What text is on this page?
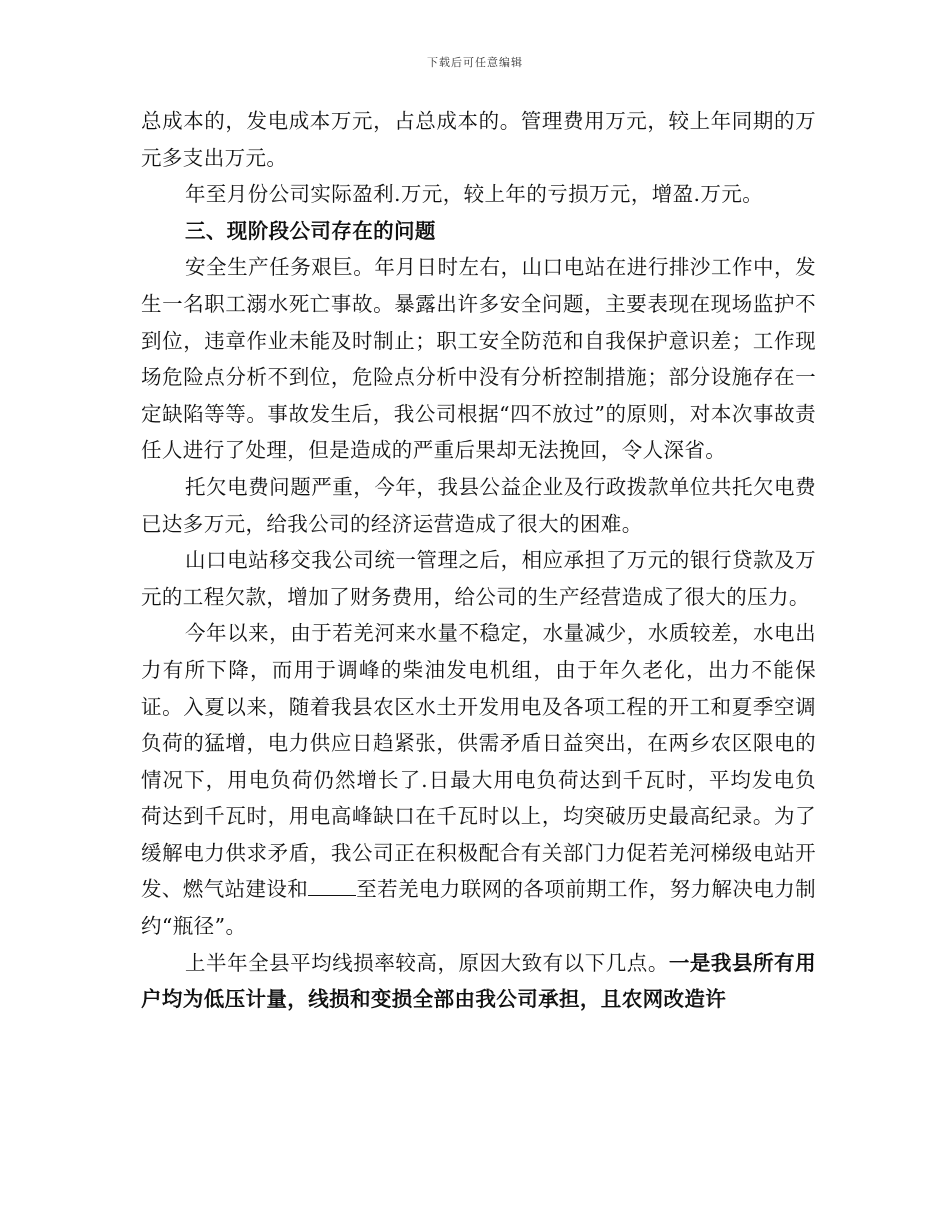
下载后可任意编辑

总成本的，发电成本万元，占总成本的。管理费用万元，较上年同期的万元多支出万元。

年至月份公司实际盈利.万元，较上年的亏损万元，增盈.万元。

三、现阶段公司存在的问题

安全生产任务艰巨。年月日时左右，山口电站在进行排沙工作中，发生一名职工溺水死亡事故。暴露出许多安全问题，主要表现在现场监护不到位，违章作业未能及时制止；职工安全防范和自我保护意识差；工作现场危险点分析不到位，危险点分析中没有分析控制措施；部分设施存在一定缺陷等等。事故发生后，我公司根据“四不放过”的原则，对本次事故责任人进行了处理，但是造成的严重后果却无法挽回，令人深省。

托欠电费问题严重，今年，我县公益企业及行政拨款单位共托欠电费已达多万元，给我公司的经济运营造成了很大的困难。

山口电站移交我公司统一管理之后，相应承担了万元的银行贷款及万元的工程欠款，增加了财务费用，给公司的生产经营造成了很大的压力。

今年以来，由于若羌河来水量不稳定，水量减少，水质较差，水电出力有所下降，而用于调峰的柴油发电机组，由于年久老化，出力不能保证。入夏以来，随着我县农区水土开发用电及各项工程的开工和夏季空调负荷的猛增，电力供应日趋紧张，供需矛盾日益突出，在两乡农区限电的情况下，用电负荷仍然增长了.日最大用电负荷达到千瓦时，平均发电负荷达到千瓦时，用电高峰缺口在千瓦时以上，均突破历史最高纪录。为了缓解电力供求矛盾，我公司正在积极配合有关部门力促若羌河梯级电站开发、燃气站建设和 至若羌电力联网的各项前期工作，努力解决电力制约“瓶径”。

上半年全县平均线损率较高，原因大致有以下几点。一是我县所有用户均为低压计量，线损和变损全部由我公司承担，且农网改造许
